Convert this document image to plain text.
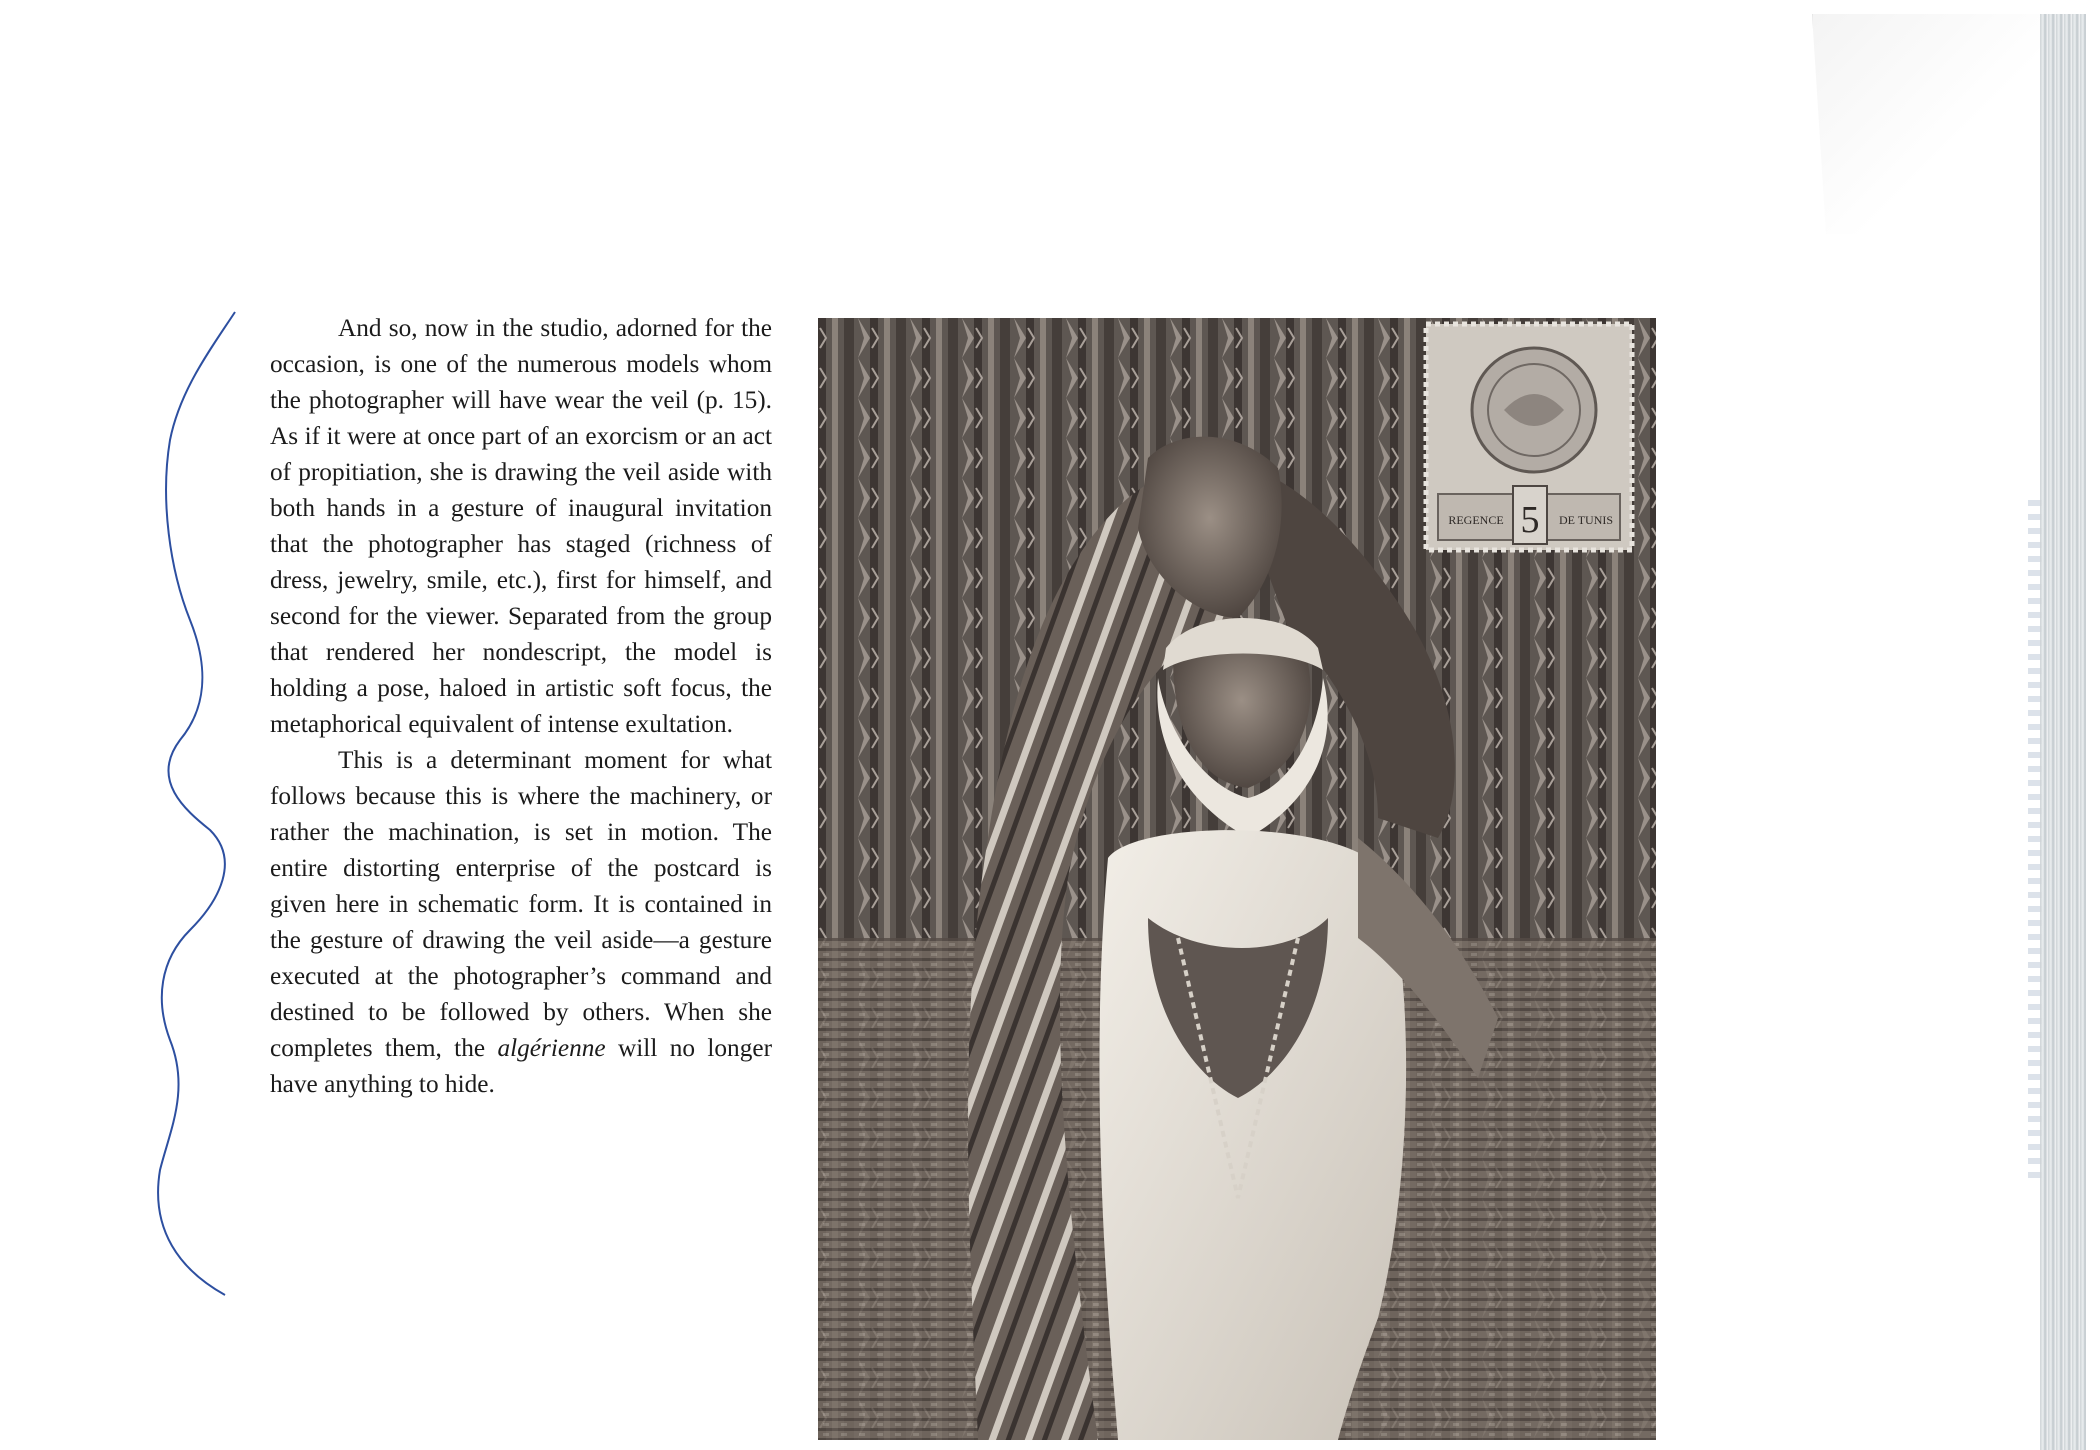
And so, now in the studio, adorned for the occasion, is one of the numerous models whom the photographer will have wear the veil (p. 15). As if it were at once part of an exorcism or an act of propitiation, she is drawing the veil aside with both hands in a gesture of inaugural invitation that the photographer has staged (richness of dress, jewelry, smile, etc.), first for himself, and second for the viewer. Separated from the group that rendered her nondescript, the model is holding a pose, haloed in artistic soft focus, the metaphorical equivalent of intense exultation.

This is a determinant moment for what follows because this is where the machinery, or rather the machination, is set in motion. The entire distorting enterprise of the postcard is given here in schematic form. It is contained in the gesture of drawing the veil aside—a gesture executed at the photographer’s command and destined to be followed by others. When she completes them, the algérienne will no longer have anything to hide.

5
REGENCE	DE TUNIS
